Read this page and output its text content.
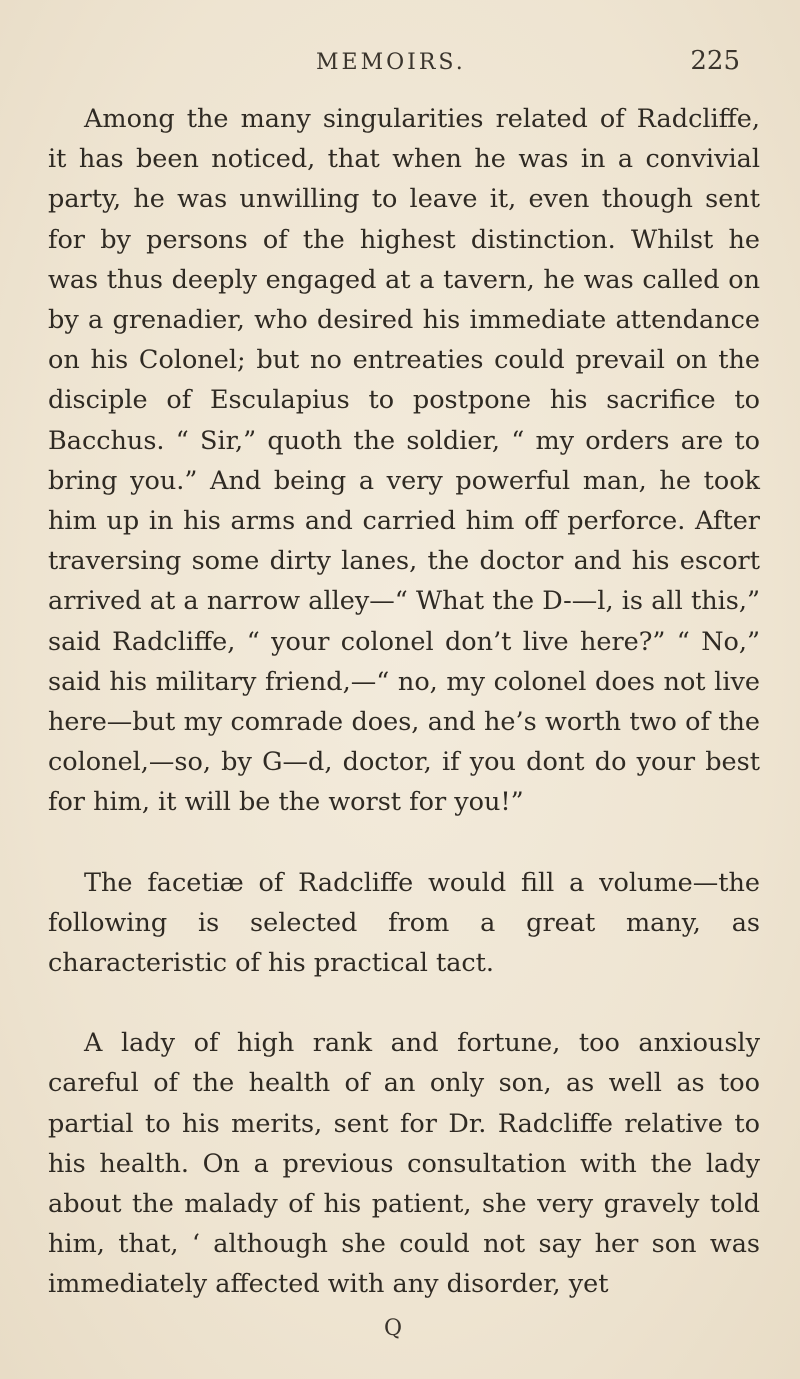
MEMOIRS.	225

Among the many singularities related of Radcliffe, it has been noticed, that when he was in a convivial party, he was unwilling to leave it, even though sent for by persons of the highest distinction. Whilst he was thus deeply engaged at a tavern, he was called on by a grenadier, who desired his immediate attendance on his Colonel; but no entreaties could prevail on the disciple of Esculapius to postpone his sacrifice to Bacchus. “ Sir,” quoth the soldier, “ my orders are to bring you.” And being a very powerful man, he took him up in his arms and carried him off perforce. After traversing some dirty lanes, the doctor and his escort arrived at a narrow alley—“ What the D-—l, is all this,” said Radcliffe, “ your colonel don’t live here?” “ No,” said his military friend,—“ no, my colonel does not live here—but my comrade does, and he’s worth two of the colonel,—so, by G—d, doctor, if you dont do your best for him, it will be the worst for you!”

The facetiæ of Radcliffe would fill a volume—the following is selected from a great many, as characteristic of his practical tact.

A lady of high rank and fortune, too anxiously careful of the health of an only son, as well as too partial to his merits, sent for Dr. Radcliffe relative to his health. On a previous consultation with the lady about the malady of his patient, she very gravely told him, that, ‘ although she could not say her son was immediately affected with any disorder, yet

Q
